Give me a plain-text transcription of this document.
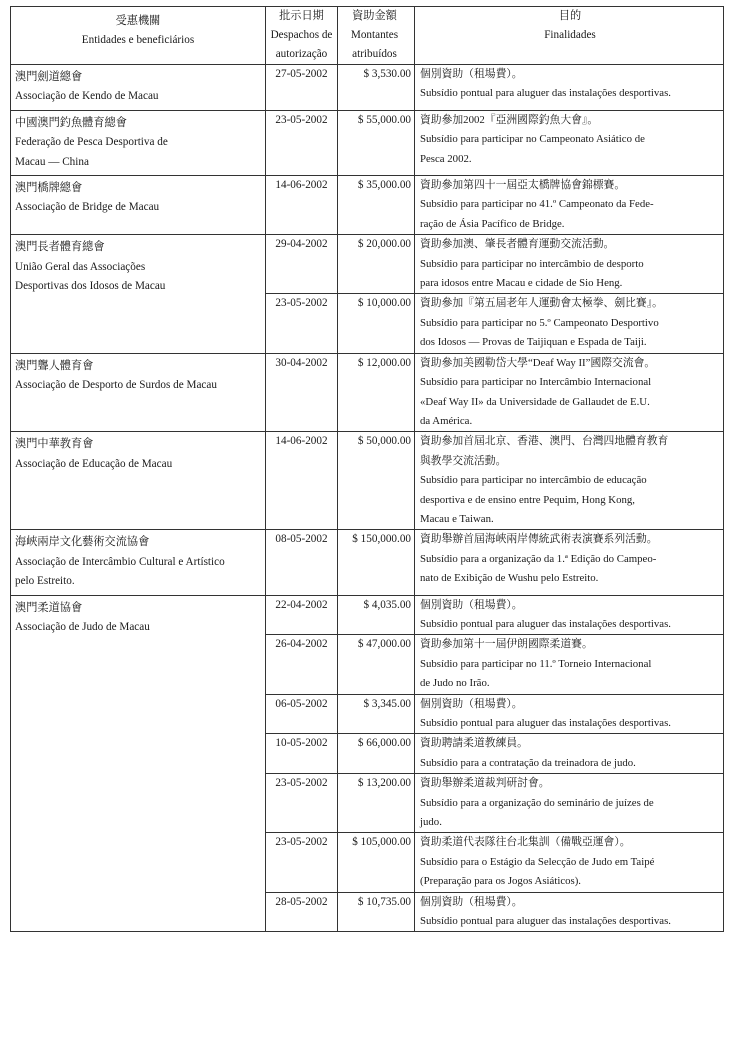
受惠機關
Entidades e beneficiários	批示日期
Despachos de
autorização	資助金額
Montantes
atribuídos	目的
Finalidades

澳門劍道總會
Associação de Kendo de Macau	27-05-2002	$ 3,530.00	個別資助（租場費）。
Subsídio pontual para aluguer das instalações desportivas.

中國澳門釣魚體育總會
Federação de Pesca Desportiva de
Macau — China	23-05-2002	$ 55,000.00	資助參加2002『亞洲國際釣魚大會』。
Subsídio para participar no Campeonato Asiático de
Pesca 2002.

澳門橋牌總會
Associação de Bridge de Macau	14-06-2002	$ 35,000.00	資助參加第四十一屆亞太橋牌協會錦標賽。
Subsídio para participar no 41.º Campeonato da Fede-
ração de Ásia Pacífico de Bridge.

澳門長者體育總會
União Geral das Associações
Desportivas dos Idosos de Macau	29-04-2002	$ 20,000.00	資助參加澳、肇長者體育運動交流活動。
Subsídio para participar no intercâmbio de desporto
para idosos entre Macau e cidade de Sio Heng.

	23-05-2002	$ 10,000.00	資助參加『第五屆老年人運動會太極拳、劍比賽』。
Subsídio para participar no 5.º Campeonato Desportivo
dos Idosos — Provas de Taijiquan e Espada de Taiji.

澳門聾人體育會
Associação de Desporto de Surdos de Macau	30-04-2002	$ 12,000.00	資助參加美國勒岱大學“Deaf Way II”國際交流會。
Subsídio para participar no Intercâmbio Internacional
«Deaf Way II» da Universidade de Gallaudet de E.U.
da América.

澳門中華教育會
Associação de Educação de Macau	14-06-2002	$ 50,000.00	資助參加首屆北京、香港、澳門、台灣四地體育教育
與教學交流活動。
Subsídio para participar no intercâmbio de educação
desportiva e de ensino entre Pequim, Hong Kong,
Macau e Taiwan.

海峽兩岸文化藝術交流協會
Associação de Intercâmbio Cultural e Artístico
pelo Estreito.	08-05-2002	$ 150,000.00	資助舉辦首屆海峽兩岸傳統武術表演賽系列活動。
Subsídio para a organização da 1.ª Edição do Campeo-
nato de Exibição de Wushu pelo Estreito.

澳門柔道協會
Associação de Judo de Macau	22-04-2002	$ 4,035.00	個別資助（租場費）。
Subsídio pontual para aluguer das instalações desportivas.

	26-04-2002	$ 47,000.00	資助參加第十一屆伊朗國際柔道賽。
Subsídio para participar no 11.º Torneio Internacional
de Judo no Irão.

	06-05-2002	$ 3,345.00	個別資助（租場費）。
Subsídio pontual para aluguer das instalações desportivas.

	10-05-2002	$ 66,000.00	資助聘請柔道教練員。
Subsídio para a contratação da treinadora de judo.

	23-05-2002	$ 13,200.00	資助舉辦柔道裁判研討會。
Subsídio para a organização do seminário de juízes de
judo.

	23-05-2002	$ 105,000.00	資助柔道代表隊往台北集訓（備戰亞運會）。
Subsídio para o Estágio da Selecção de Judo em Taipé
(Preparação para os Jogos Asiáticos).

	28-05-2002	$ 10,735.00	個別資助（租場費）。
Subsídio pontual para aluguer das instalações desportivas.
